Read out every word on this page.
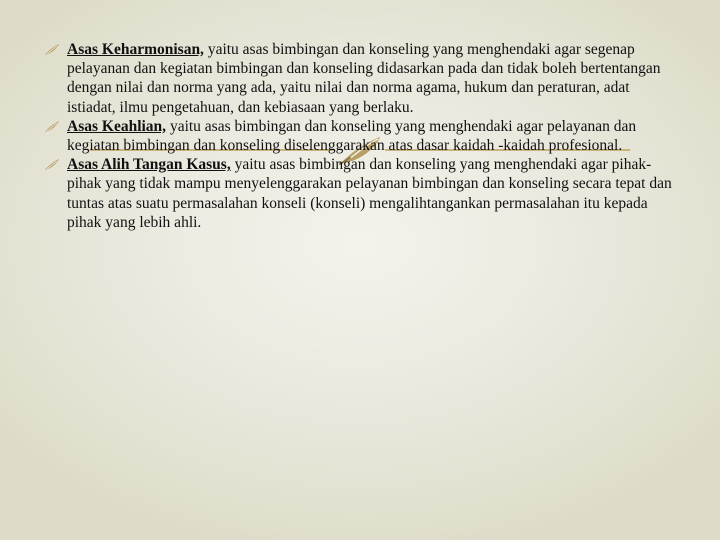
Asas Keharmonisan, yaitu asas bimbingan dan konseling yang menghendaki agar segenap pelayanan dan kegiatan bimbingan dan konseling didasarkan pada dan tidak boleh bertentangan dengan nilai dan norma yang ada, yaitu nilai dan norma agama, hukum dan peraturan, adat istiadat, ilmu pengetahuan, dan kebiasaan yang berlaku.
Asas Keahlian, yaitu asas bimbingan dan konseling yang menghendaki agar pelayanan dan kegiatan bimbingan dan konseling diselenggarakan atas dasar kaidah -kaidah profesional.
Asas Alih Tangan Kasus, yaitu asas bimbingan dan konseling yang menghendaki agar pihak-pihak yang tidak mampu menyelenggarakan pelayanan bimbingan dan konseling secara tepat dan tuntas atas suatu permasalahan konseli (konseli) mengalihtangankan permasalahan itu kepada pihak yang lebih ahli.
